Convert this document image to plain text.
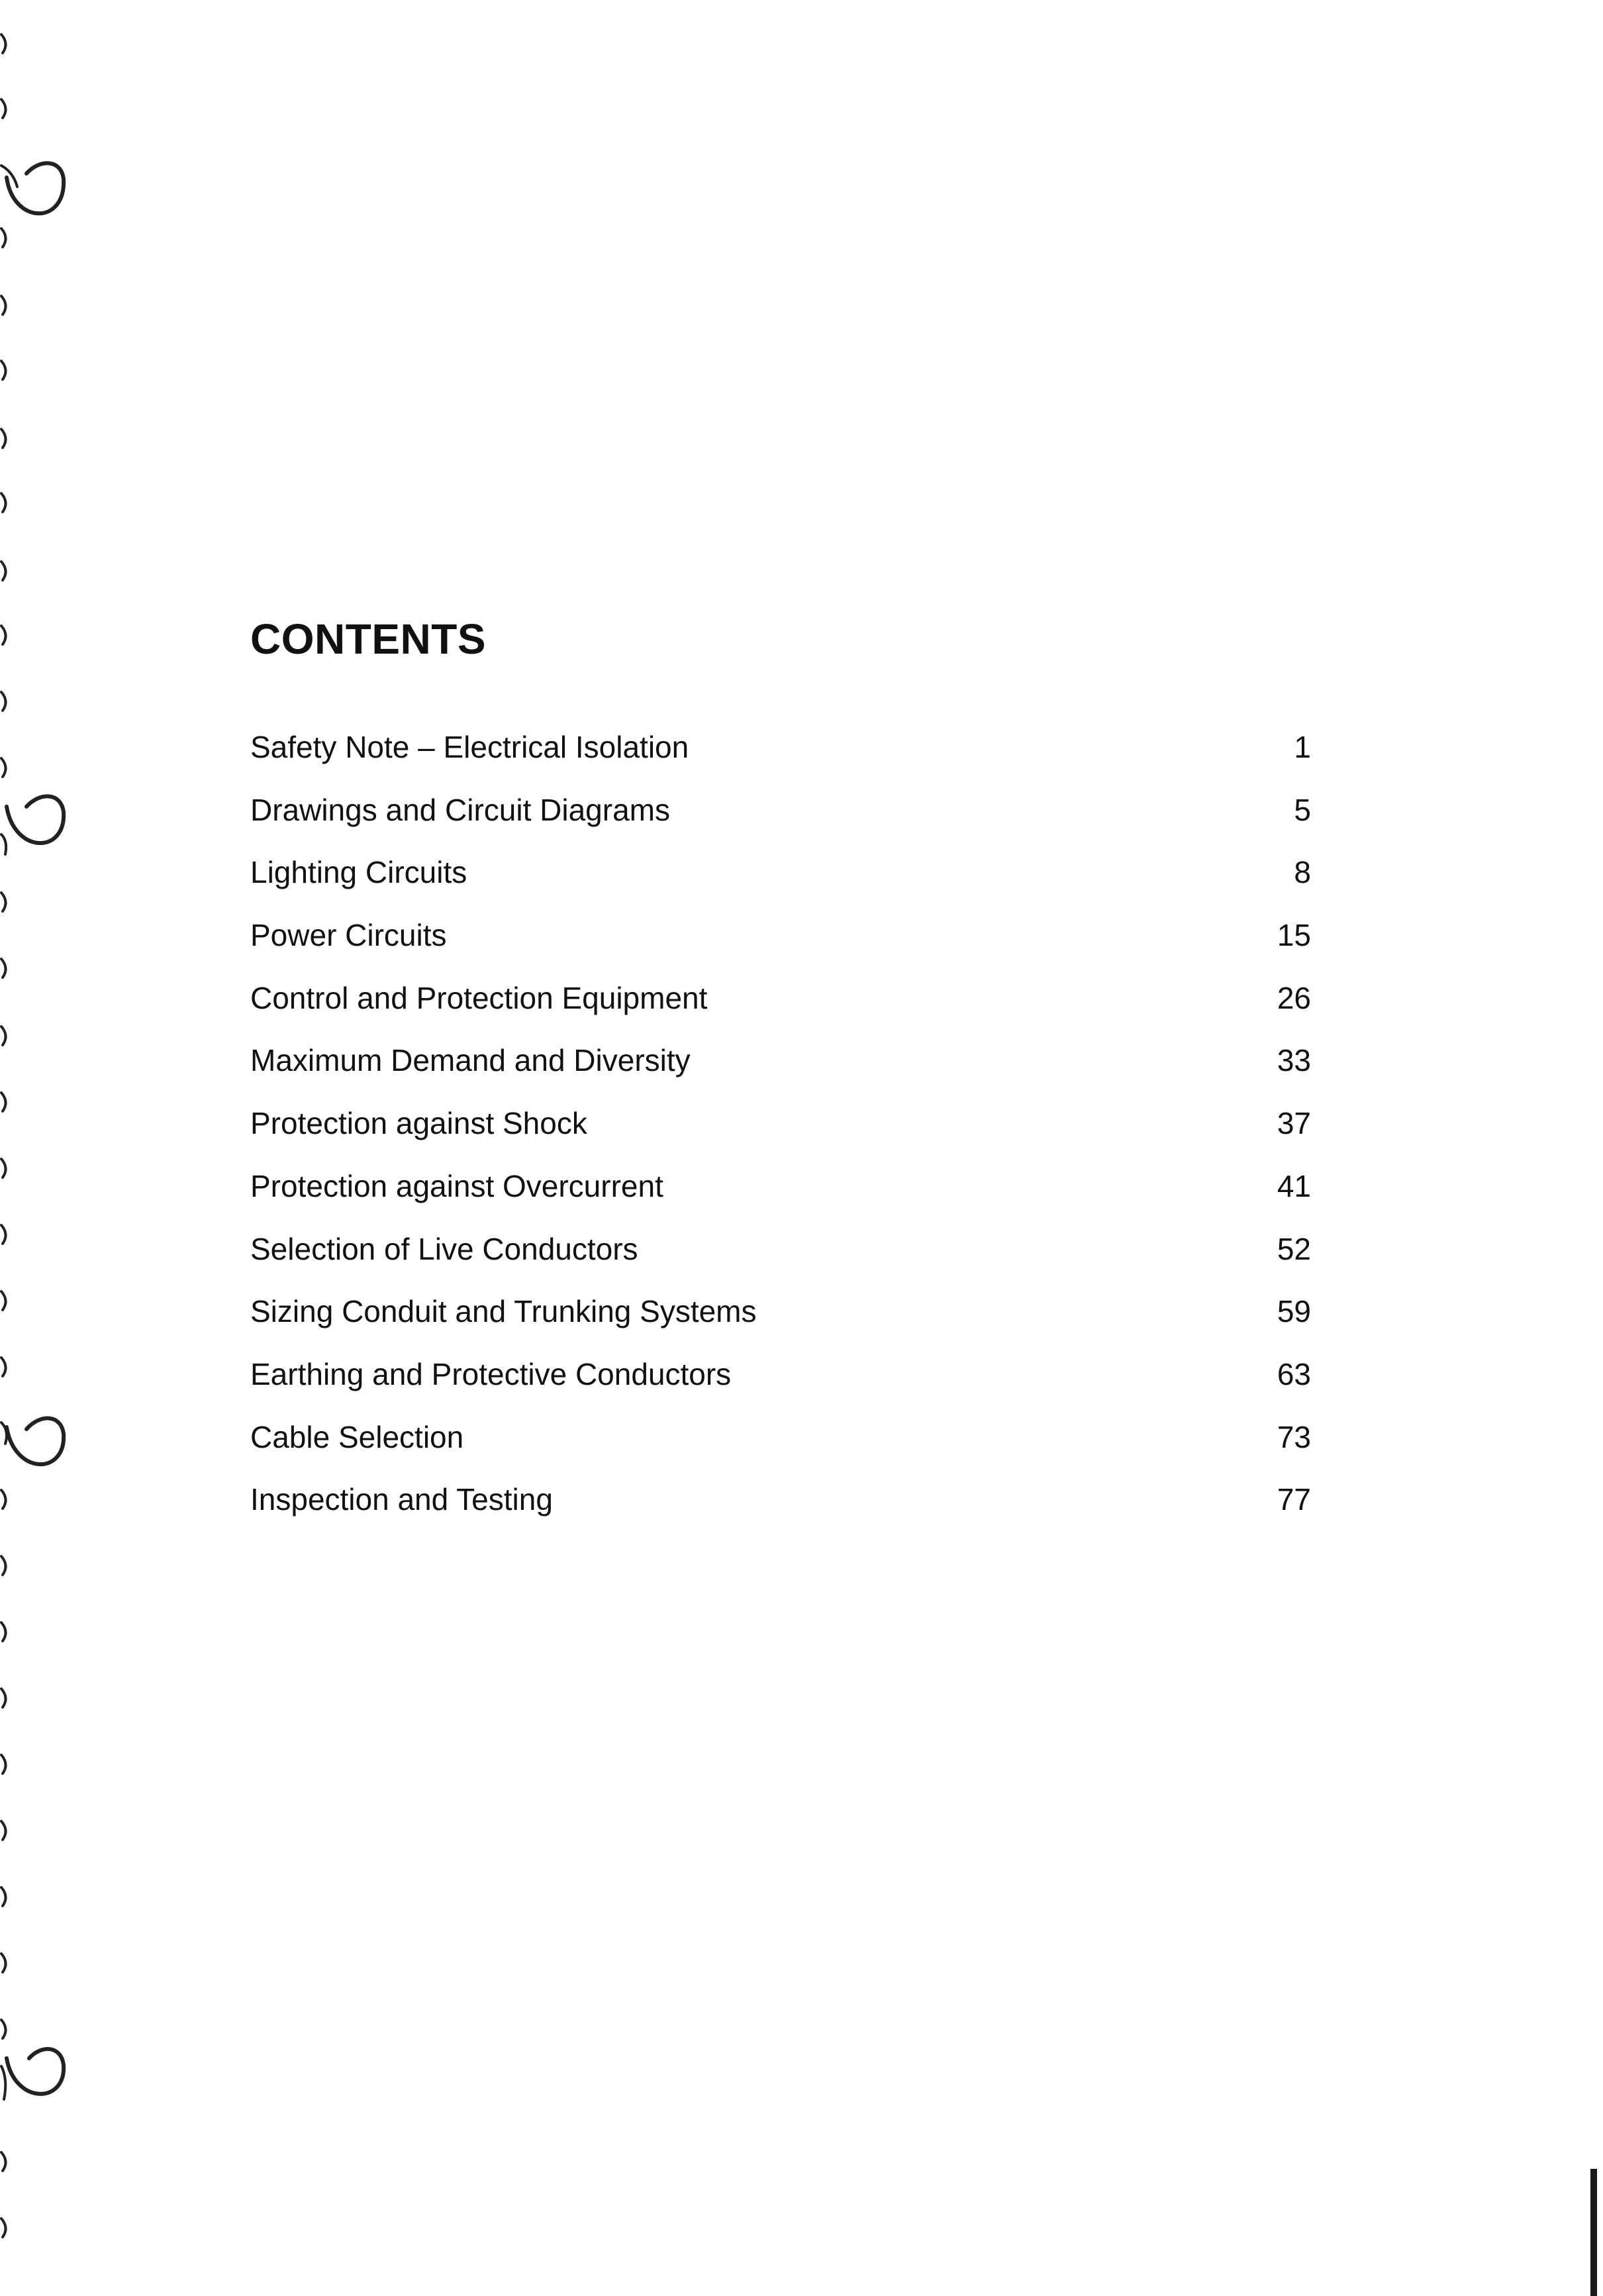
CONTENTS
Safety Note – Electrical Isolation	1
Drawings and Circuit Diagrams	5
Lighting Circuits	8
Power Circuits	15
Control and Protection Equipment	26
Maximum Demand and Diversity	33
Protection against Shock	37
Protection against Overcurrent	41
Selection of Live Conductors	52
Sizing Conduit and Trunking Systems	59
Earthing and Protective Conductors	63
Cable Selection	73
Inspection and Testing	77
